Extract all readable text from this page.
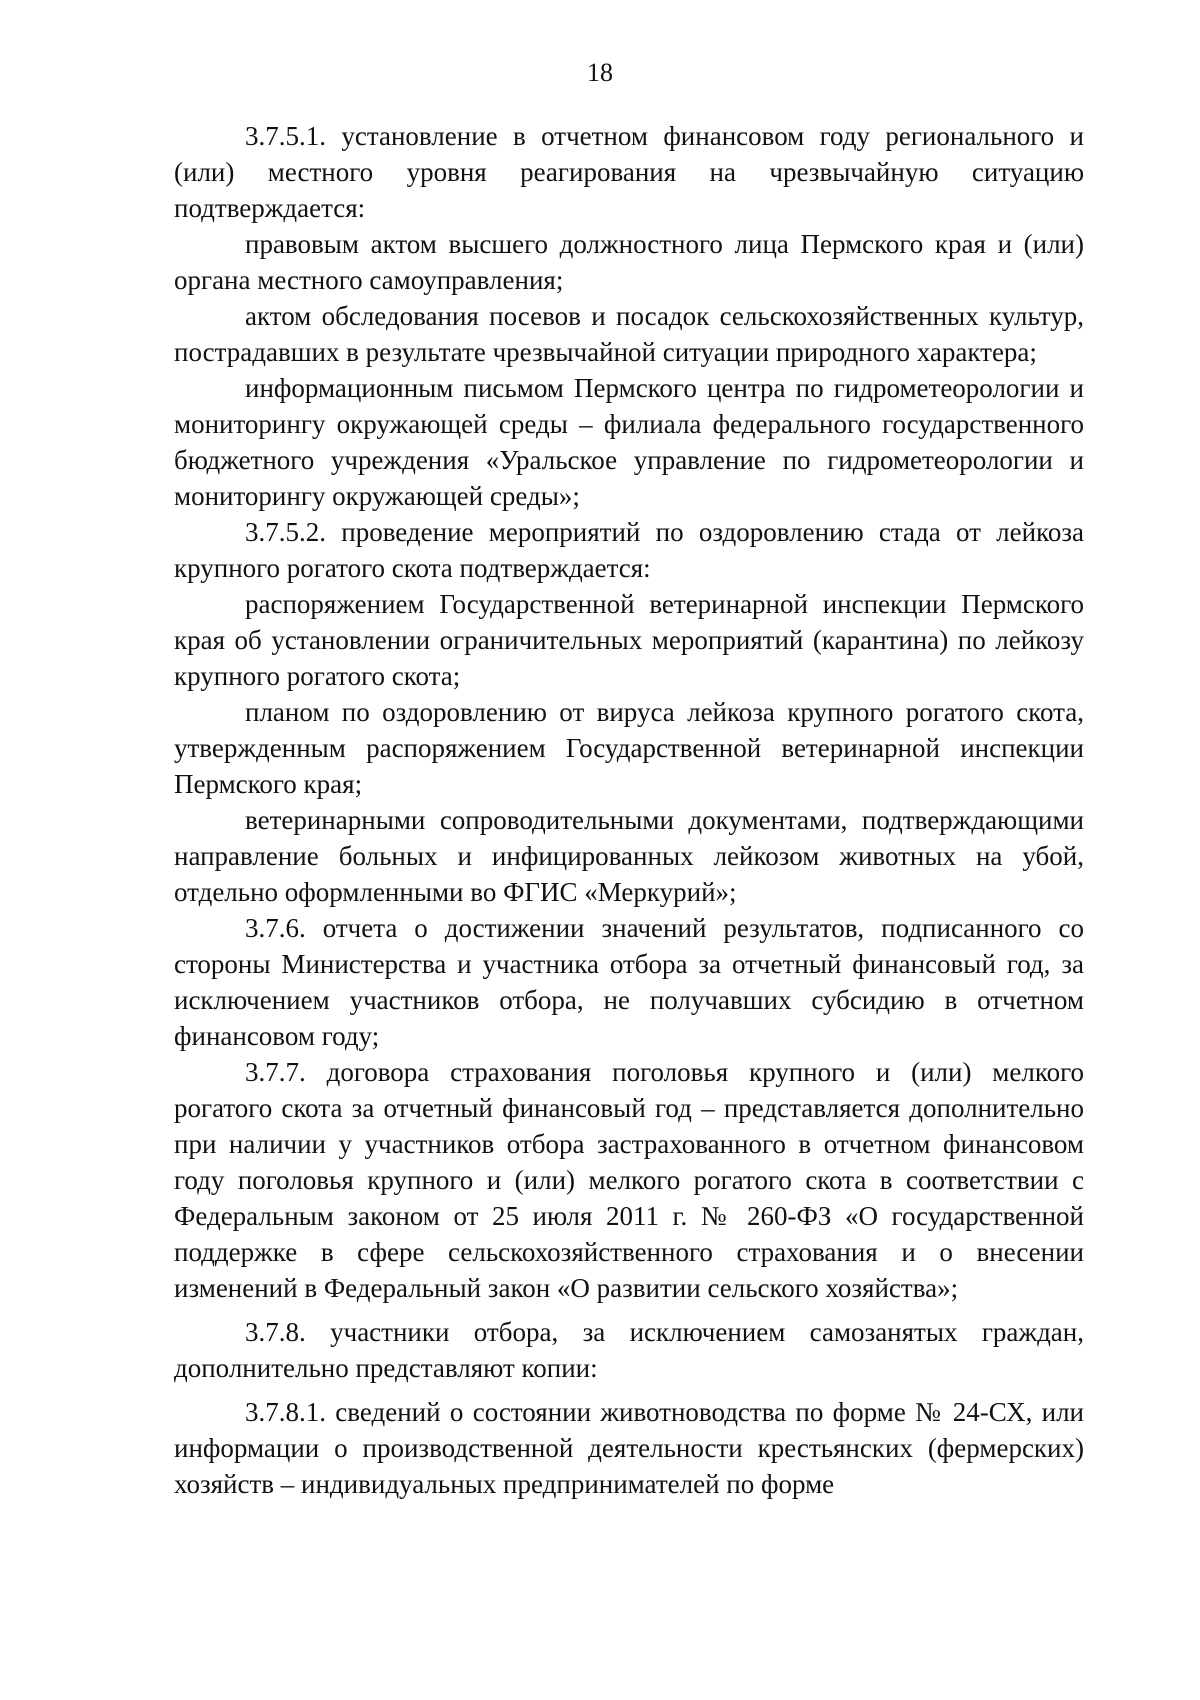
18

3.7.5.1. установление в отчетном финансовом году регионального и (или) местного уровня реагирования на чрезвычайную ситуацию подтверждается:

правовым актом высшего должностного лица Пермского края и (или) органа местного самоуправления;

актом обследования посевов и посадок сельскохозяйственных культур, пострадавших в результате чрезвычайной ситуации природного характера;

информационным письмом Пермского центра по гидрометеорологии и мониторингу окружающей среды – филиала федерального государственного бюджетного учреждения «Уральское управление по гидрометеорологии и мониторингу окружающей среды»;

3.7.5.2. проведение мероприятий по оздоровлению стада от лейкоза крупного рогатого скота подтверждается:

распоряжением Государственной ветеринарной инспекции Пермского края об установлении ограничительных мероприятий (карантина) по лейкозу крупного рогатого скота;

планом по оздоровлению от вируса лейкоза крупного рогатого скота, утвержденным распоряжением Государственной ветеринарной инспекции Пермского края;

ветеринарными сопроводительными документами, подтверждающими направление больных и инфицированных лейкозом животных на убой, отдельно оформленными во ФГИС «Меркурий»;

3.7.6. отчета о достижении значений результатов, подписанного со стороны Министерства и участника отбора за отчетный финансовый год, за исключением участников отбора, не получавших субсидию в отчетном финансовом году;

3.7.7. договора страхования поголовья крупного и (или) мелкого рогатого скота за отчетный финансовый год – представляется дополнительно при наличии у участников отбора застрахованного в отчетном финансовом году поголовья крупного и (или) мелкого рогатого скота в соответствии с Федеральным законом от 25 июля 2011 г. № 260-ФЗ «О государственной поддержке в сфере сельскохозяйственного страхования и о внесении изменений в Федеральный закон «О развитии сельского хозяйства»;

3.7.8. участники отбора, за исключением самозанятых граждан, дополнительно представляют копии:

3.7.8.1. сведений о состоянии животноводства по форме № 24-СХ, или информации о производственной деятельности крестьянских (фермерских) хозяйств – индивидуальных предпринимателей по форме
